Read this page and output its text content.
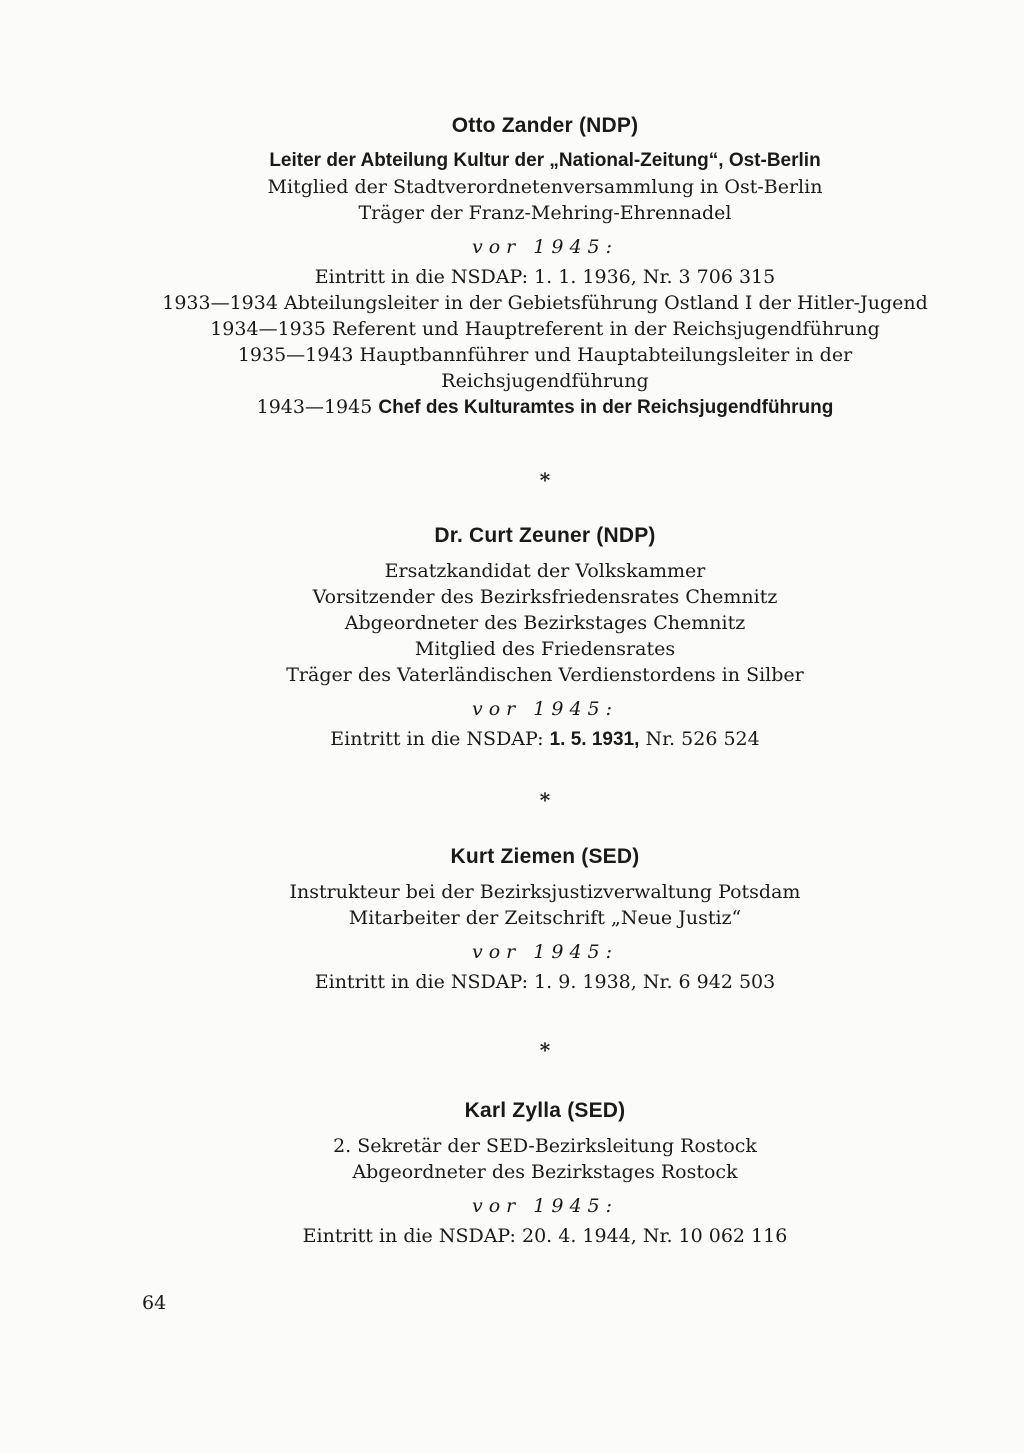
Otto Zander (NDP)
Leiter der Abteilung Kultur der „National-Zeitung“, Ost-Berlin
Mitglied der Stadtverordnetenversammlung in Ost-Berlin
Träger der Franz-Mehring-Ehrennadel
vor 1945:
Eintritt in die NSDAP: 1. 1. 1936, Nr. 3 706 315
1933—1934 Abteilungsleiter in der Gebietsführung Ostland I der Hitler-Jugend
1934—1935 Referent und Hauptreferent in der Reichsjugendführung
1935—1943 Hauptbannführer und Hauptabteilungsleiter in der
Reichsjugendführung
1943—1945 Chef des Kulturamtes in der Reichsjugendführung
*
Dr. Curt Zeuner (NDP)
Ersatzkandidat der Volkskammer
Vorsitzender des Bezirksfriedensrates Chemnitz
Abgeordneter des Bezirkstages Chemnitz
Mitglied des Friedensrates
Träger des Vaterländischen Verdienstordens in Silber
vor 1945:
Eintritt in die NSDAP: 1. 5. 1931, Nr. 526 524
*
Kurt Ziemen (SED)
Instrukteur bei der Bezirksjustizverwaltung Potsdam
Mitarbeiter der Zeitschrift „Neue Justiz“
vor 1945:
Eintritt in die NSDAP: 1. 9. 1938, Nr. 6 942 503
*
Karl Zylla (SED)
2. Sekretär der SED-Bezirksleitung Rostock
Abgeordneter des Bezirkstages Rostock
vor 1945:
Eintritt in die NSDAP: 20. 4. 1944, Nr. 10 062 116
64
